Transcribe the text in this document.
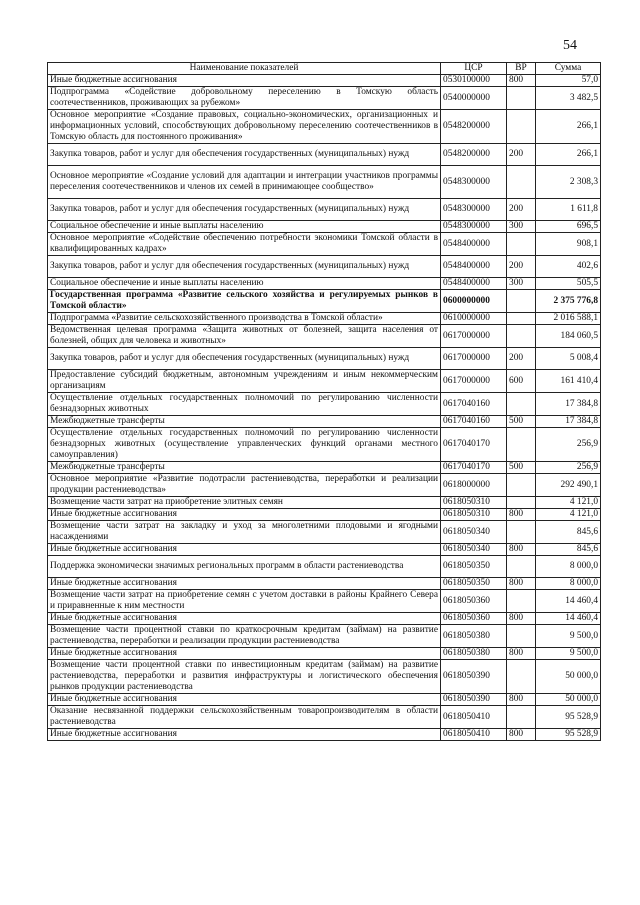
54
Наименование показателей	ЦСР	ВР	Сумма
Иные бюджетные ассигнования	0530100000	800	57,0
Подпрограмма «Содействие добровольному переселению в Томскую область соотечественников, проживающих за рубежом»	0540000000		3 482,5
Основное мероприятие «Создание правовых, социально-экономических, организационных и информационных условий, способствующих добровольному переселению соотечественников в Томскую область для постоянного проживания»	0548200000		266,1
Закупка товаров, работ и услуг для обеспечения государственных (муниципальных) нужд	0548200000	200	266,1
Основное мероприятие «Создание условий для адаптации и интеграции участников программы переселения соотечественников и членов их семей в принимающее сообщество»	0548300000		2 308,3
Закупка товаров, работ и услуг для обеспечения государственных (муниципальных) нужд	0548300000	200	1 611,8
Социальное обеспечение и иные выплаты населению	0548300000	300	696,5
Основное мероприятие «Содействие обеспечению потребности экономики Томской области в квалифицированных кадрах»	0548400000		908,1
Закупка товаров, работ и услуг для обеспечения государственных (муниципальных) нужд	0548400000	200	402,6
Социальное обеспечение и иные выплаты населению	0548400000	300	505,5
Государственная программа «Развитие сельского хозяйства и регулируемых рынков в Томской области»	0600000000		2 375 776,8
Подпрограмма «Развитие сельскохозяйственного производства в Томской области»	0610000000		2 016 588,1
Ведомственная целевая программа «Защита животных от болезней, защита населения от болезней, общих для человека и животных»	0617000000		184 060,5
Закупка товаров, работ и услуг для обеспечения государственных (муниципальных) нужд	0617000000	200	5 008,4
Предоставление субсидий бюджетным, автономным учреждениям и иным некоммерческим организациям	0617000000	600	161 410,4
Осуществление отдельных государственных полномочий по регулированию численности безнадзорных животных	0617040160		17 384,8
Межбюджетные трансферты	0617040160	500	17 384,8
Осуществление отдельных государственных полномочий по регулированию численности безнадзорных животных (осуществление управленческих функций органами местного самоуправления)	0617040170		256,9
Межбюджетные трансферты	0617040170	500	256,9
Основное мероприятие «Развитие подотрасли растениеводства, переработки и реализации продукции растениеводства»	0618000000		292 490,1
Возмещение части затрат на приобретение элитных семян	0618050310		4 121,0
Иные бюджетные ассигнования	0618050310	800	4 121,0
Возмещение части затрат на закладку и уход за многолетними плодовыми и ягодными насаждениями	0618050340		845,6
Иные бюджетные ассигнования	0618050340	800	845,6
Поддержка экономически значимых региональных программ в области растениеводства	0618050350		8 000,0
Иные бюджетные ассигнования	0618050350	800	8 000,0
Возмещение части затрат на приобретение семян с учетом доставки в районы Крайнего Севера и приравненные к ним местности	0618050360		14 460,4
Иные бюджетные ассигнования	0618050360	800	14 460,4
Возмещение части процентной ставки по краткосрочным кредитам (займам) на развитие растениеводства, переработки и реализации продукции растениеводства	0618050380		9 500,0
Иные бюджетные ассигнования	0618050380	800	9 500,0
Возмещение части процентной ставки по инвестиционным кредитам (займам) на развитие растениеводства, переработки и развития инфраструктуры и логистического обеспечения рынков продукции растениеводства	0618050390		50 000,0
Иные бюджетные ассигнования	0618050390	800	50 000,0
Оказание несвязанной поддержки сельскохозяйственным товаропроизводителям в области растениеводства	0618050410		95 528,9
Иные бюджетные ассигнования	0618050410	800	95 528,9
